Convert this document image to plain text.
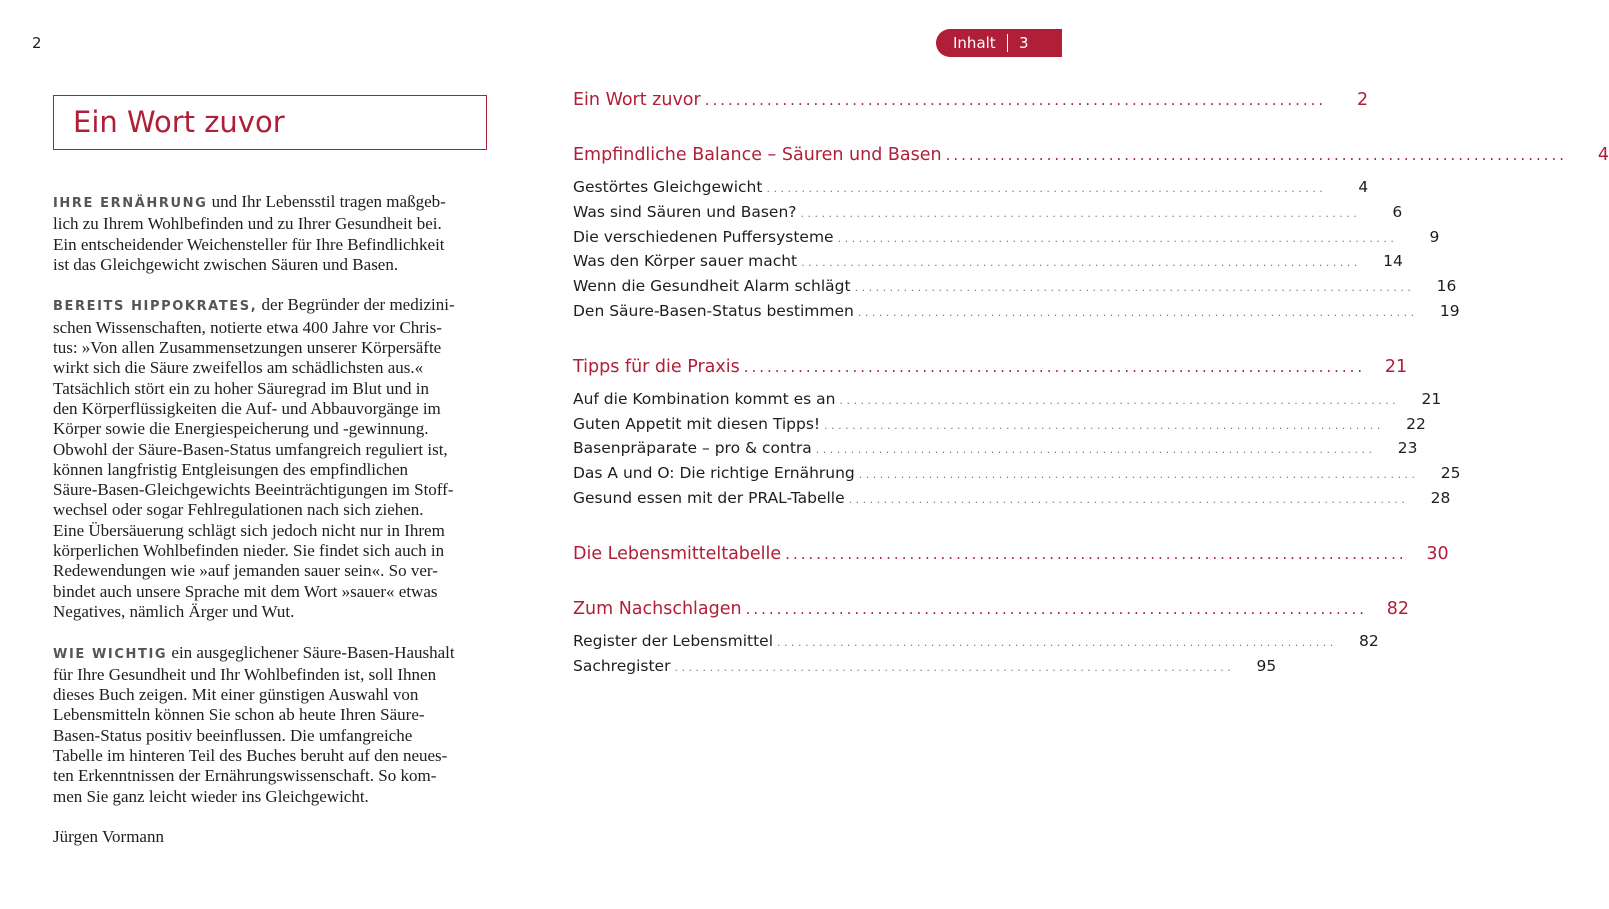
2	Inhalt	3
Ein Wort zuvor

IHRE ERNÄHRUNG und Ihr Lebensstil tragen maßgeb-
lich zu Ihrem Wohlbefinden und zu Ihrer Gesundheit bei.
Ein entscheidender Weichensteller für Ihre Befindlichkeit
ist das Gleichgewicht zwischen Säuren und Basen.

BEREITS HIPPOKRATES, der Begründer der medizini-
schen Wissenschaften, notierte etwa 400 Jahre vor Chris-
tus: »Von allen Zusammensetzungen unserer Körpersäfte
wirkt sich die Säure zweifellos am schädlichsten aus.«
Tatsächlich stört ein zu hoher Säuregrad im Blut und in
den Körperflüssigkeiten die Auf- und Abbauvorgänge im
Körper sowie die Energiespeicherung und -gewinnung.
Obwohl der Säure-Basen-Status umfangreich reguliert ist,
können langfristig Entgleisungen des empfindlichen
Säure-Basen-Gleichgewichts Beeinträchtigungen im Stoff-
wechsel oder sogar Fehlregulationen nach sich ziehen.
Eine Übersäuerung schlägt sich jedoch nicht nur in Ihrem
körperlichen Wohlbefinden nieder. Sie findet sich auch in
Redewendungen wie »auf jemanden sauer sein«. So ver-
bindet auch unsere Sprache mit dem Wort »sauer« etwas
Negatives, nämlich Ärger und Wut.

WIE WICHTIG ein ausgeglichener Säure-Basen-Haushalt
für Ihre Gesundheit und Ihr Wohlbefinden ist, soll Ihnen
dieses Buch zeigen. Mit einer günstigen Auswahl von
Lebensmitteln können Sie schon ab heute Ihren Säure-
Basen-Status positiv beeinflussen. Die umfangreiche
Tabelle im hinteren Teil des Buches beruht auf den neues-
ten Erkenntnissen der Ernährungswissenschaft. So kom-
men Sie ganz leicht wieder ins Gleichgewicht.

Jürgen Vormann

Ein Wort zuvor ................................................................................	2
Empfindliche Balance – Säuren und Basen ................................................................................	4
Gestörtes Gleichgewicht ................................................................................	4
Was sind Säuren und Basen? ................................................................................	6
Die verschiedenen Puffersysteme ................................................................................	9
Was den Körper sauer macht ................................................................................	14
Wenn die Gesundheit Alarm schlägt ................................................................................	16
Den Säure-Basen-Status bestimmen ................................................................................	19
Tipps für die Praxis ................................................................................	21
Auf die Kombination kommt es an ................................................................................	21
Guten Appetit mit diesen Tipps! ................................................................................	22
Basenpräparate – pro & contra ................................................................................	23
Das A und O: Die richtige Ernährung ................................................................................	25
Gesund essen mit der PRAL-Tabelle ................................................................................	28
Die Lebensmitteltabelle ................................................................................	30
Zum Nachschlagen ................................................................................	82
Register der Lebensmittel ................................................................................	82
Sachregister ................................................................................	95
